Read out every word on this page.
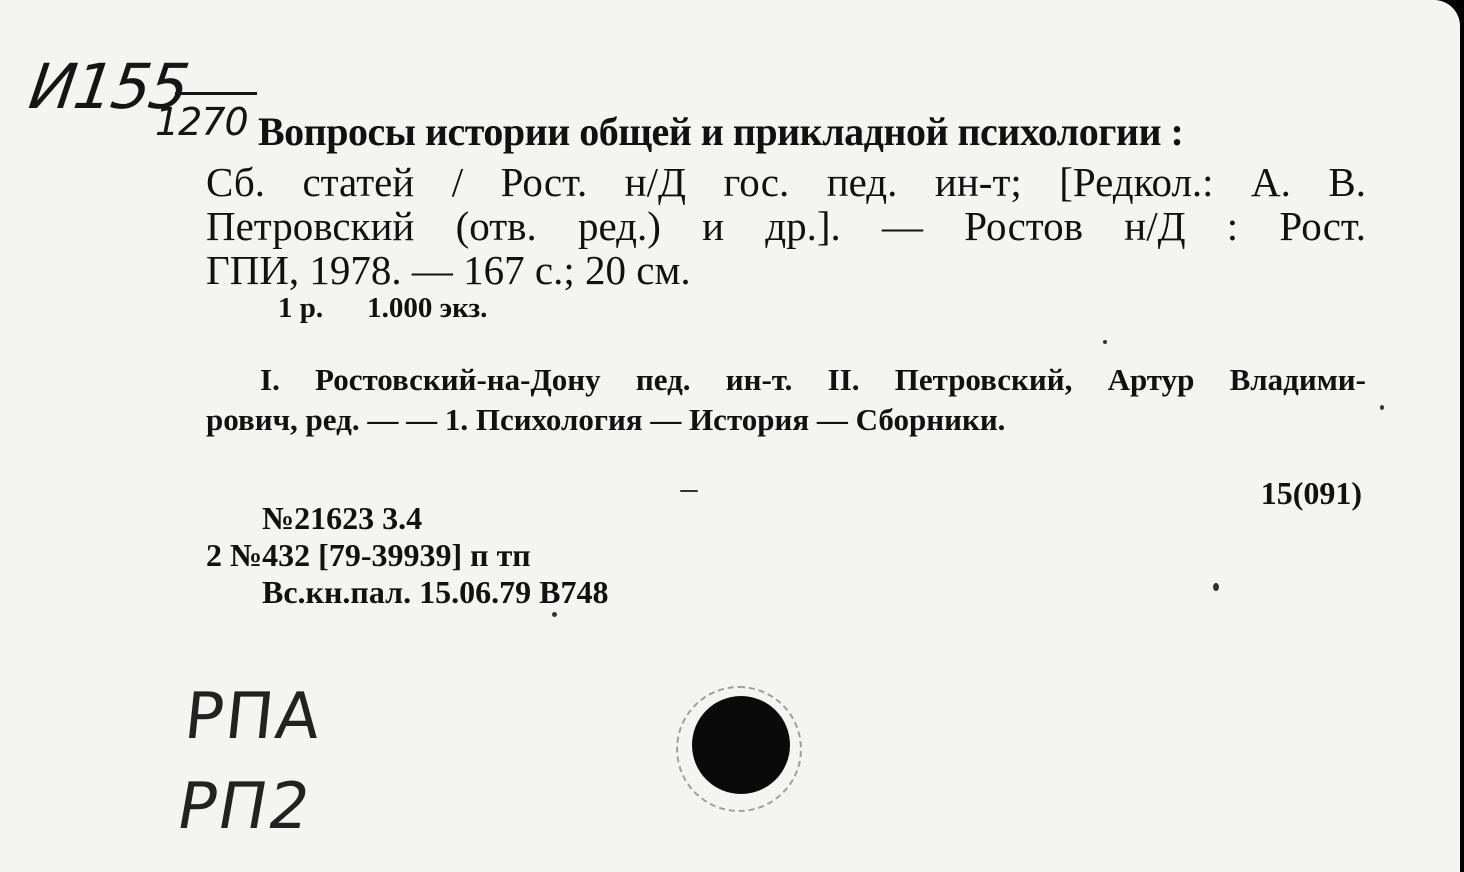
И155
1270 Вопросы истории общей и прикладной психологии :
Сб. статей / Рост. н/Д гос. пед. ин-т; [Редкол.: А. В.
Петровский (отв. ред.) и др.]. — Ростов н/Д : Рост.
ГПИ, 1978. — 167 с.; 20 см.
1 р. 1.000 экз.
I. Ростовский-на-Дону пед. ин-т. II. Петровский, Артур Владими-
рович, ред. — — 1. Психология — История — Сборники.
15(091)
№21623 3.4
2 №432 [79-39939] п тп
Вс.кн.пал. 15.06.79 В748
РПА
РП2
